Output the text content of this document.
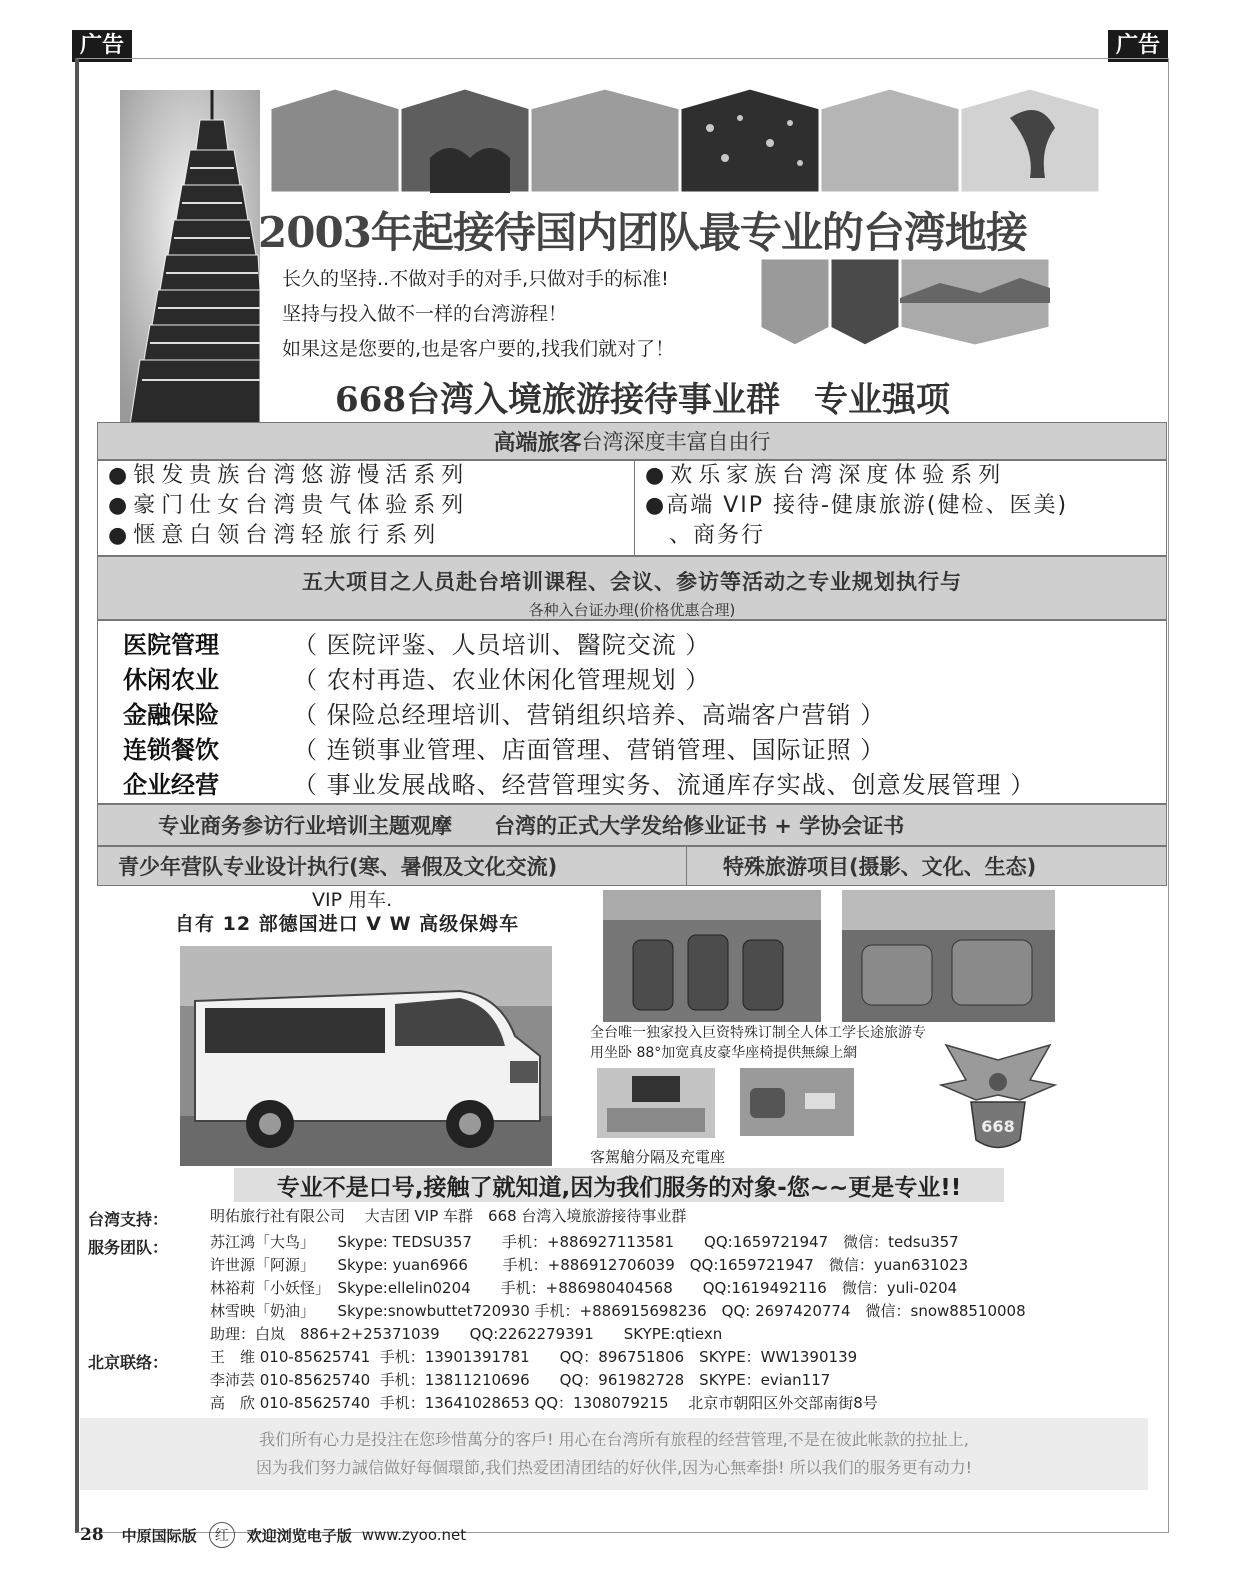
广告	广告
2003年起接待国内团队最专业的台湾地接
长久的坚持..不做对手的对手,只做对手的标准!
坚持与投入做不一样的台湾游程！
如果这是您要的,也是客户要的,找我们就对了！
668台湾入境旅游接待事业群　专业强项
高端旅客 台湾深度丰富自由行
●银发贵族台湾悠游慢活系列
●豪门仕女台湾贵气体验系列
●惬意白领台湾轻旅行系列
●欢乐家族台湾深度体验系列
●高端 VIP 接待-健康旅游(健检、医美)
　、商务行
五大项目之人员赴台培训课程、会议、参访等活动之专业规划执行与
各种入台证办理(价格优惠合理)
医院管理	（ 医院评鉴、人员培训、醫院交流 ）
休闲农业	（ 农村再造、农业休闲化管理规划 ）
金融保险	（ 保险总经理培训、营销组织培养、高端客户营销 ）
连锁餐饮	（ 连锁事业管理、店面管理、营销管理、国际证照 ）
企业经营	（ 事业发展战略、经营管理实务、流通库存实战、创意发展管理 ）
专业商务参访行业培训主题观摩 台湾的正式大学发给修业证书 + 学协会证书
青少年营队专业设计执行(寒、暑假及文化交流)	特殊旅游项目(摄影、文化、生态)
VIP 用车.
自有 12 部德国进口 V W 高级保姆车
全台唯一独家投入巨资特殊订制全人体工学长途旅游专
用坐卧 88°加宽真皮豪华座椅提供無線上網
客駕艙分隔及充電座
668
专业不是口号,接触了就知道,因为我们服务的对象-您~~更是专业!!
台湾支持：	明佑旅行社有限公司　 大吉团 VIP 车群　668 台湾入境旅游接待事业群
服务团队：	苏江鸿「大鸟」　　Skype: TEDSU357　　手机：+886927113581　　QQ:1659721947　微信：tedsu357
许世源「阿源」　　Skype: yuan6966　　 手机：+886912706039　QQ:1659721947　微信：yuan631023
林裕莉「小妖怪」　Skype:ellelin0204　　手机：+886980404568　　QQ:1619492116　微信：yuli-0204
林雪映「奶油」　　Skype:snowbuttet720930 手机：+886915698236　QQ: 2697420774　微信：snow88510008
助理：白岚　886+2+25371039　　QQ:2262279391　　SKYPE:qtiexn
北京联络：	王　维 010-85625741  手机：13901391781　　QQ：896751806　SKYPE：WW1390139
李沛芸 010-85625740  手机：13811210696　　QQ：961982728　SKYPE：evian117
高　欣 010-85625740  手机：13641028653 QQ：1308079215　 北京市朝阳区外交部南街8号
我们所有心力是投注在您珍惜萬分的客戶! 用心在台湾所有旅程的经营管理,不是在彼此帐款的拉扯上,
因为我们努力誠信做好每個環節,我们热爱团清团结的好伙伴,因为心無牽掛! 所以我们的服务更有动力!
28 中原国际版	红	欢迎浏览电子版 www.zyoo.net
